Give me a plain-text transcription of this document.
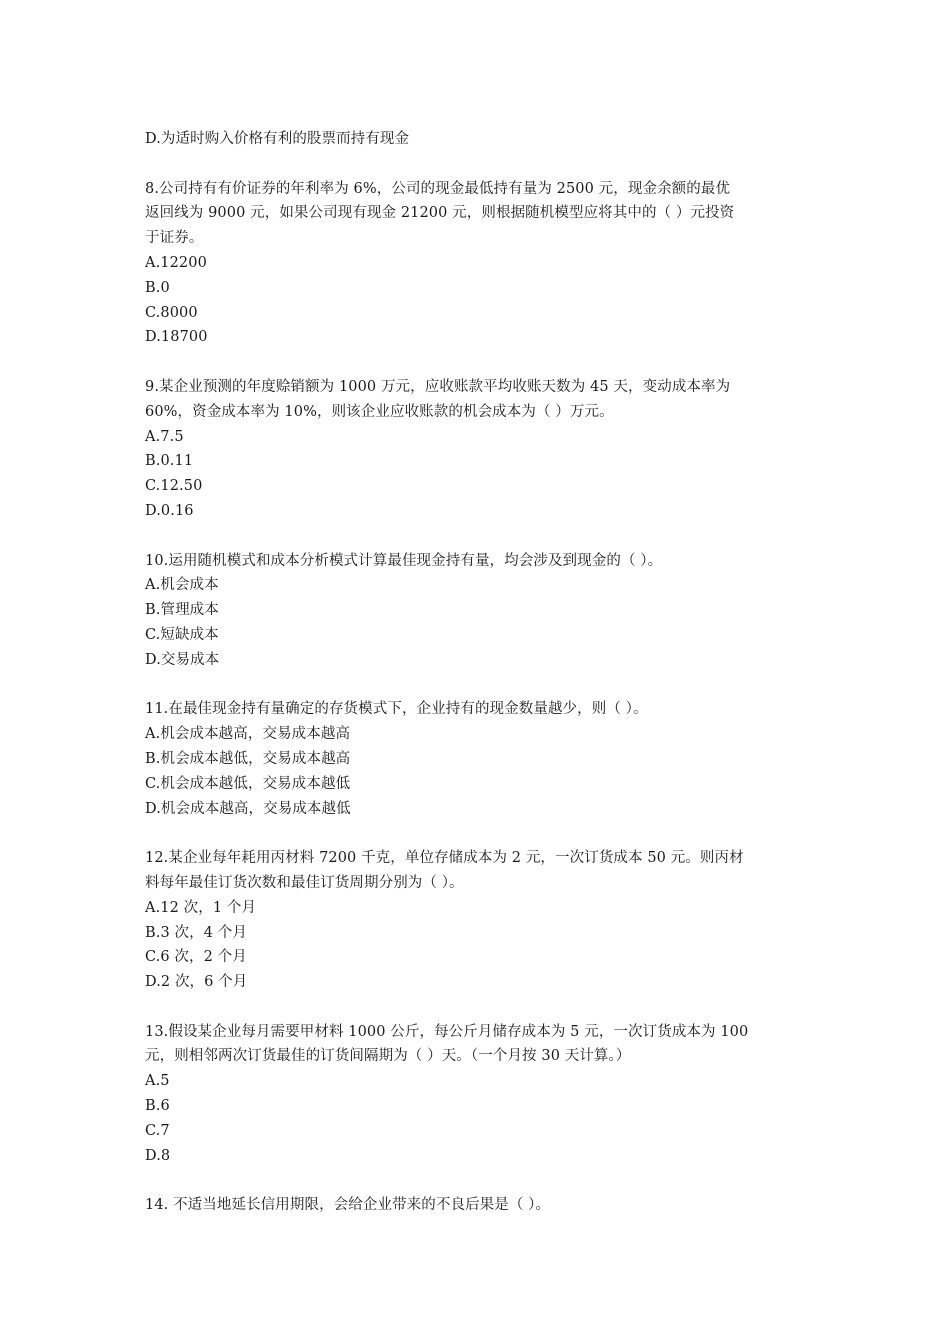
D.为适时购入价格有利的股票而持有现金
8.公司持有有价证券的年利率为 6%，公司的现金最低持有量为 2500 元，现金余额的最优
返回线为 9000 元，如果公司现有现金 21200 元，则根据随机模型应将其中的（ ）元投资
于证券。
A.12200
B.0
C.8000
D.18700
9.某企业预测的年度赊销额为 1000 万元，应收账款平均收账天数为 45 天，变动成本率为
60%，资金成本率为 10%，则该企业应收账款的机会成本为（ ）万元。
A.7.5
B.0.11
C.12.50
D.0.16
10.运用随机模式和成本分析模式计算最佳现金持有量，均会涉及到现金的（ ）。
A.机会成本
B.管理成本
C.短缺成本
D.交易成本
11.在最佳现金持有量确定的存货模式下，企业持有的现金数量越少，则（ ）。
A.机会成本越高，交易成本越高
B.机会成本越低，交易成本越高
C.机会成本越低，交易成本越低
D.机会成本越高，交易成本越低
12.某企业每年耗用丙材料 7200 千克，单位存储成本为 2 元，一次订货成本 50 元。则丙材
料每年最佳订货次数和最佳订货周期分别为（ ）。
A.12 次，1 个月
B.3 次，4 个月
C.6 次，2 个月
D.2 次，6 个月
13.假设某企业每月需要甲材料 1000 公斤，每公斤月储存成本为 5 元，一次订货成本为 100
元，则相邻两次订货最佳的订货间隔期为（ ）天。（一个月按 30 天计算。）
A.5
B.6
C.7
D.8
14. 不适当地延长信用期限，会给企业带来的不良后果是（ ）。
